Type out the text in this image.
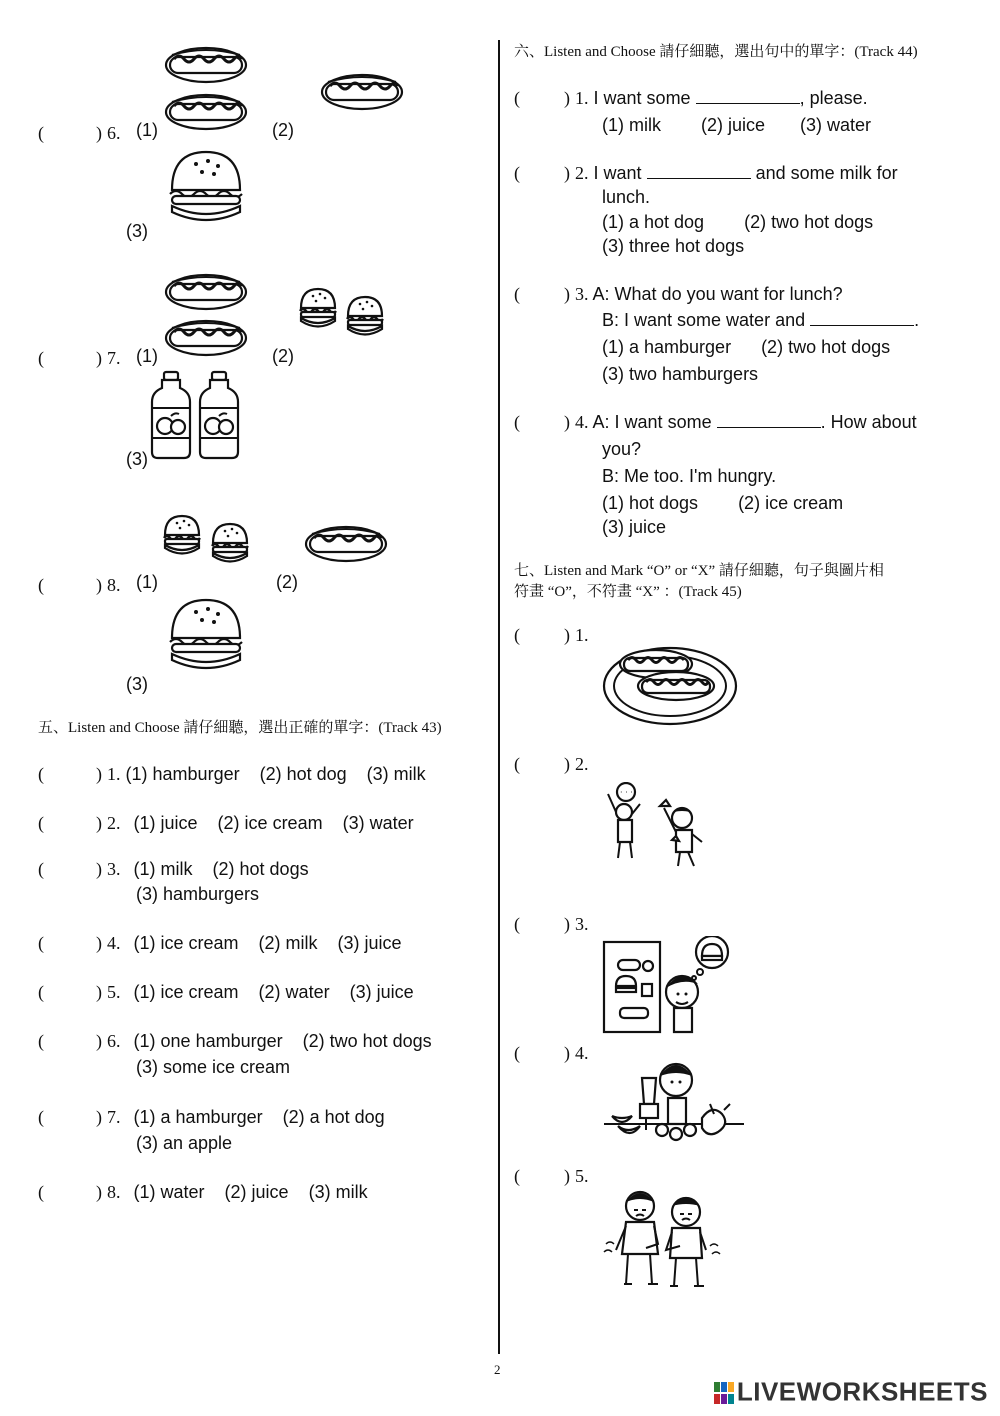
(	) 6. (1)	(2)
(3)
(	) 7. (1)	(2)
(3)
(	) 8. (1)	(2)
(3)
五、Listen and Choose 請仔細聽，選出正確的單字：(Track 43)
(	) 1. (1) hamburger    (2) hot dog    (3) milk
(	) 2. (1) juice    (2) ice cream    (3) water
(	) 3. (1) milk    (2) hot dogs
(3) hamburgers
(	) 4. (1) ice cream    (2) milk    (3) juice
(	) 5. (1) ice cream    (2) water    (3) juice
(	) 6. (1) one hamburger    (2) two hot dogs
(3) some ice cream
(	) 7. (1) a hamburger    (2) a hot dog
(3) an apple
(	) 8. (1) water    (2) juice    (3) milk
六、Listen and Choose 請仔細聽，選出句中的單字：(Track 44)
( ) 1. I want some	, please.
(1) milk        (2) juice       (3) water
( ) 2. I want	and some milk for
lunch.
(1) a hot dog        (2) two hot dogs
(3) three hot dogs
( ) 3. A: What do you want for lunch?
B: I want some water and	.
(1) a hamburger      (2) two hot dogs
(3) two hamburgers
( ) 4. A: I want some	. How about
you?
B: Me too. I'm hungry.
(1) hot dogs        (2) ice cream
(3) juice
七、Listen and Mark “O” or “X” 請仔細聽，句子與圖片相
符畫 “O”，不符畫 “X” ：(Track 45)
( ) 1.
( ) 2.
( ) 3.
( ) 4.
( ) 5.
· · ·
2
LIVEWORKSHEETS
